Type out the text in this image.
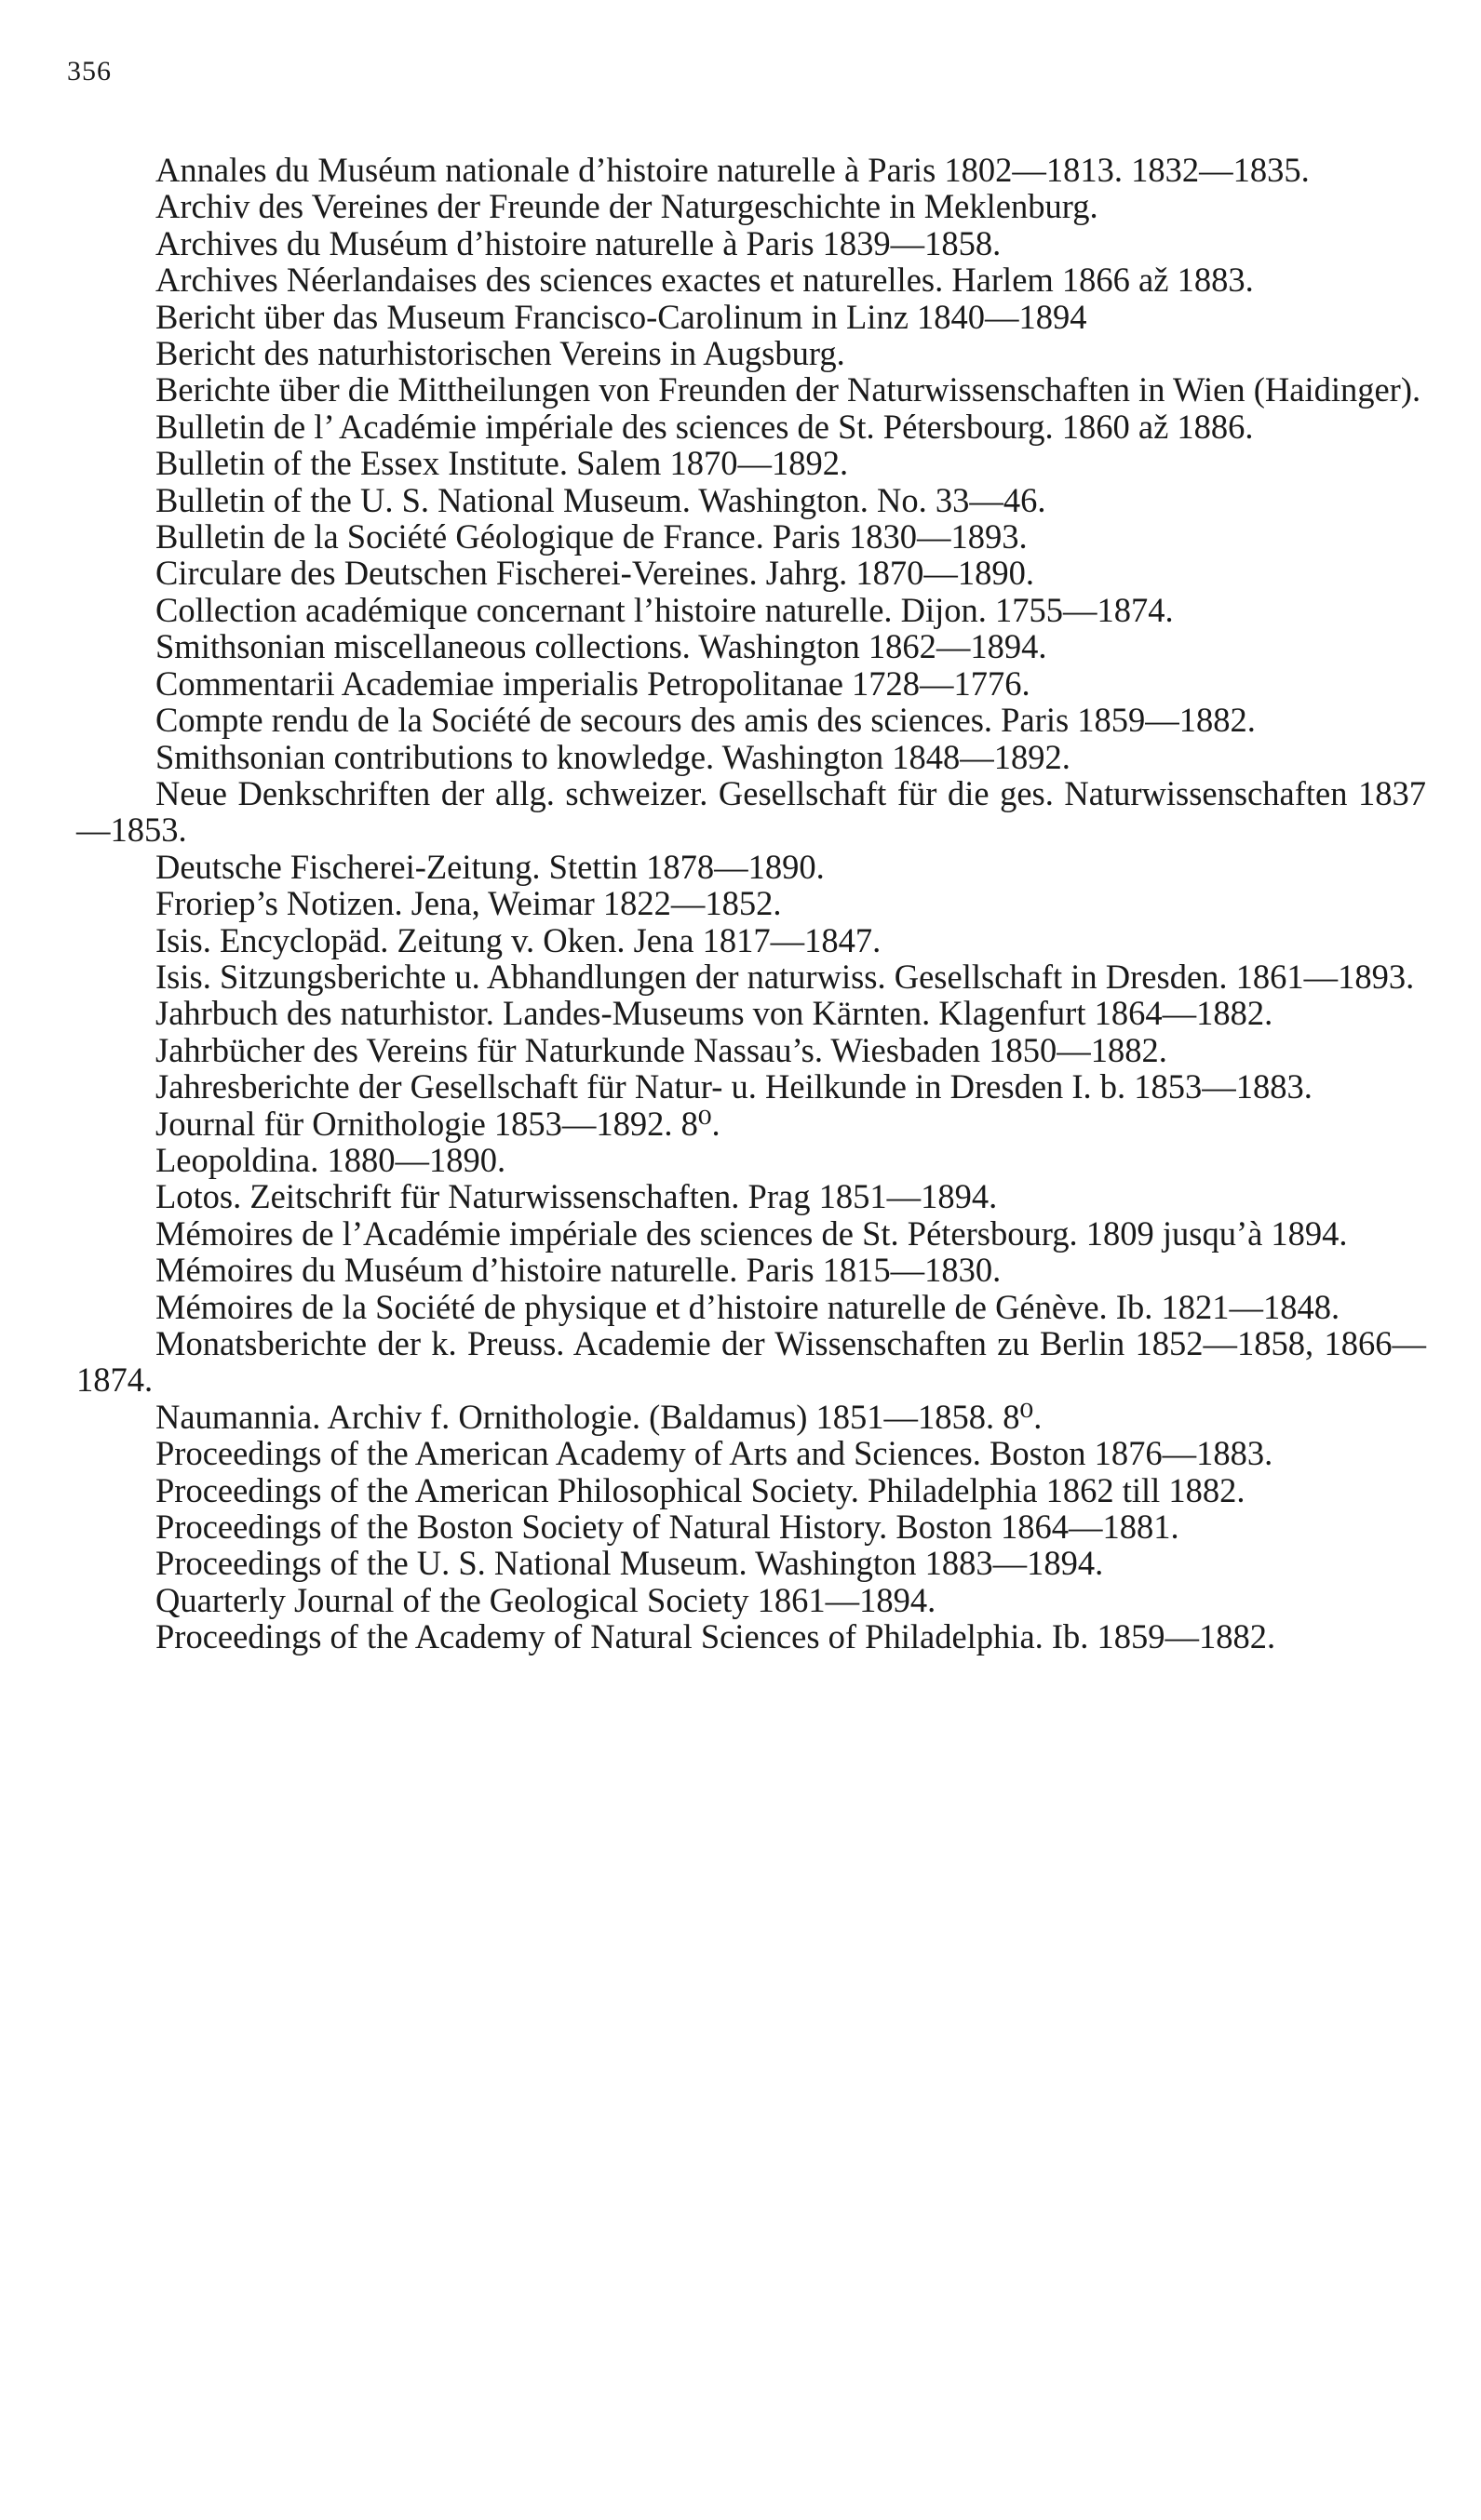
356
Annales du Muséum nationale d’histoire naturelle à Paris 1802—1813. 1832—1835.
Archiv des Vereines der Freunde der Naturgeschichte in Meklenburg.
Archives du Muséum d’histoire naturelle à Paris 1839—1858.
Archives Néerlandaises des sciences exactes et naturelles. Harlem 1866 až 1883.
Bericht über das Museum Francisco-Carolinum in Linz 1840—1894
Bericht des naturhistorischen Vereins in Augsburg.
Berichte über die Mittheilungen von Freunden der Naturwissenschaften in Wien (Haidinger).
Bulletin de l’ Académie impériale des sciences de St. Pétersbourg. 1860 až 1886.
Bulletin of the Essex Institute. Salem 1870—1892.
Bulletin of the U. S. National Museum. Washington. No. 33—46.
Bulletin de la Société Géologique de France. Paris 1830—1893.
Circulare des Deutschen Fischerei-Vereines. Jahrg. 1870—1890.
Collection académique concernant l’histoire naturelle. Dijon. 1755—1874.
Smithsonian miscellaneous collections. Washington 1862—1894.
Commentarii Academiae imperialis Petropolitanae 1728—1776.
Compte rendu de la Société de secours des amis des sciences. Paris 1859—1882.
Smithsonian contributions to knowledge. Washington 1848—1892.
Neue Denkschriften der allg. schweizer. Gesellschaft für die ges. Naturwissenschaften 1837—1853.
Deutsche Fischerei-Zeitung. Stettin 1878—1890.
Froriep’s Notizen. Jena, Weimar 1822—1852.
Isis. Encyclopäd. Zeitung v. Oken. Jena 1817—1847.
Isis. Sitzungsberichte u. Abhandlungen der naturwiss. Gesellschaft in Dresden. 1861—1893.
Jahrbuch des naturhistor. Landes-Museums von Kärnten. Klagenfurt 1864—1882.
Jahrbücher des Vereins für Naturkunde Nassau’s. Wiesbaden 1850—1882.
Jahresberichte der Gesellschaft für Natur- u. Heilkunde in Dresden I. b. 1853—1883.
Journal für Ornithologie 1853—1892. 8⁰.
Leopoldina. 1880—1890.
Lotos. Zeitschrift für Naturwissenschaften. Prag 1851—1894.
Mémoires de l’Académie impériale des sciences de St. Pétersbourg. 1809 jusqu’à 1894.
Mémoires du Muséum d’histoire naturelle. Paris 1815—1830.
Mémoires de la Société de physique et d’histoire naturelle de Génève. Ib. 1821—1848.
Monatsberichte der k. Preuss. Academie der Wissenschaften zu Berlin 1852—1858, 1866—1874.
Naumannia. Archiv f. Ornithologie. (Baldamus) 1851—1858. 8⁰.
Proceedings of the American Academy of Arts and Sciences. Boston 1876—1883.
Proceedings of the American Philosophical Society. Philadelphia 1862 till 1882.
Proceedings of the Boston Society of Natural History. Boston 1864—1881.
Proceedings of the U. S. National Museum. Washington 1883—1894.
Quarterly Journal of the Geological Society 1861—1894.
Proceedings of the Academy of Natural Sciences of Philadelphia. Ib. 1859—1882.
